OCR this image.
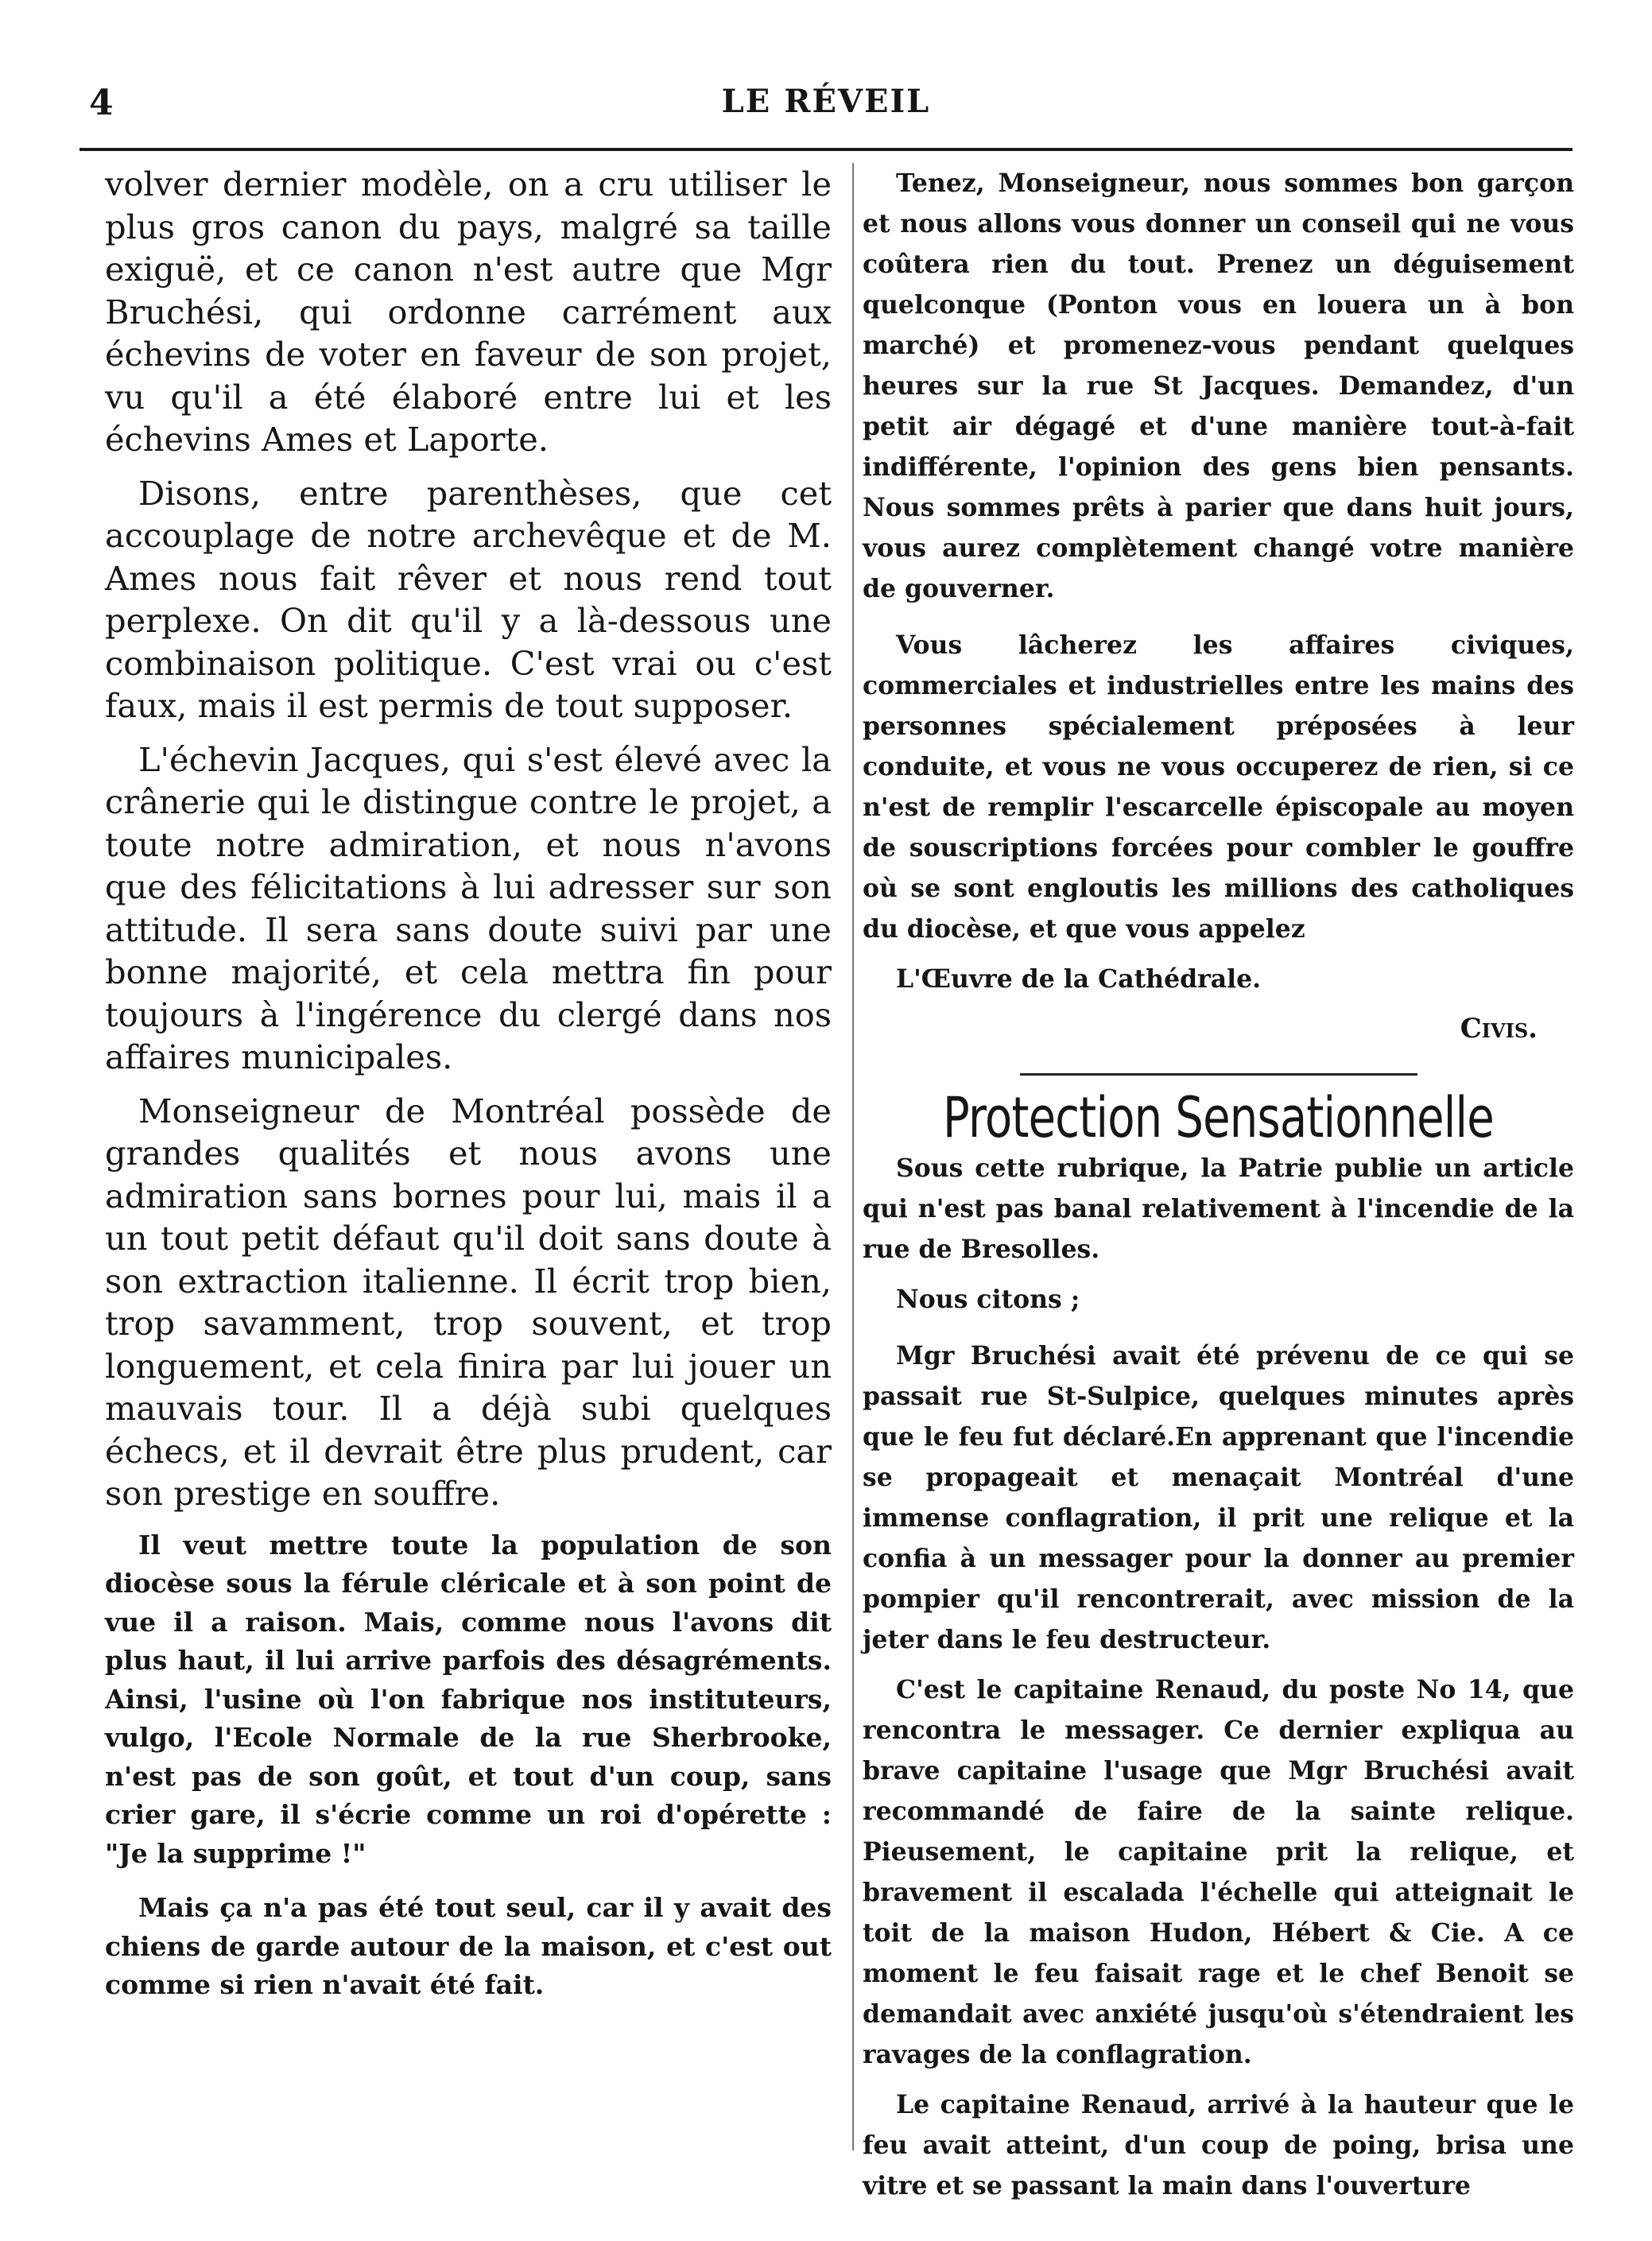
4	LE RÉVEIL

volver dernier modèle, on a cru utiliser le plus gros canon du pays, malgré sa taille exiguë, et ce canon n'est autre que Mgr Bruchési, qui ordonne carrément aux échevins de voter en faveur de son projet, vu qu'il a été élaboré entre lui et les échevins Ames et Laporte.

Disons, entre parenthèses, que cet accouplage de notre archevêque et de M. Ames nous fait rêver et nous rend tout perplexe. On dit qu'il y a là-dessous une combinaison politique. C'est vrai ou c'est faux, mais il est permis de tout supposer.

L'échevin Jacques, qui s'est élevé avec la crânerie qui le distingue contre le projet, a toute notre admiration, et nous n'avons que des félicitations à lui adresser sur son attitude. Il sera sans doute suivi par une bonne majorité, et cela mettra fin pour toujours à l'ingérence du clergé dans nos affaires municipales.

Monseigneur de Montréal possède de grandes qualités et nous avons une admiration sans bornes pour lui, mais il a un tout petit défaut qu'il doit sans doute à son extraction italienne. Il écrit trop bien, trop savamment, trop souvent, et trop longuement, et cela finira par lui jouer un mauvais tour. Il a déjà subi quelques échecs, et il devrait être plus prudent, car son prestige en souffre.

Il veut mettre toute la population de son diocèse sous la férule cléricale et à son point de vue il a raison. Mais, comme nous l'avons dit plus haut, il lui arrive parfois des désagréments. Ainsi, l'usine où l'on fabrique nos instituteurs, vulgo, l'Ecole Normale de la rue Sherbrooke, n'est pas de son goût, et tout d'un coup, sans crier gare, il s'écrie comme un roi d'opérette : "Je la supprime !"

Mais ça n'a pas été tout seul, car il y avait des chiens de garde autour de la maison, et c'est out comme si rien n'avait été fait.

Tenez, Monseigneur, nous sommes bon garçon et nous allons vous donner un conseil qui ne vous coûtera rien du tout. Prenez un déguisement quelconque (Ponton vous en louera un à bon marché) et promenez-vous pendant quelques heures sur la rue St Jacques. Demandez, d'un petit air dégagé et d'une manière tout-à-fait indifférente, l'opinion des gens bien pensants. Nous sommes prêts à parier que dans huit jours, vous aurez complètement changé votre manière de gouverner.

Vous lâcherez les affaires civiques, commerciales et industrielles entre les mains des personnes spécialement préposées à leur conduite, et vous ne vous occuperez de rien, si ce n'est de remplir l'escarcelle épiscopale au moyen de souscriptions forcées pour combler le gouffre où se sont engloutis les millions des catholiques du diocèse, et que vous appelez

L'Œuvre de la Cathédrale.

Civis.

Protection Sensationnelle

Sous cette rubrique, la Patrie publie un article qui n'est pas banal relativement à l'incendie de la rue de Bresolles.

Nous citons ;

Mgr Bruchési avait été prévenu de ce qui se passait rue St-Sulpice, quelques minutes après que le feu fut déclaré.En apprenant que l'incendie se propageait et menaçait Montréal d'une immense conflagration, il prit une relique et la confia à un messager pour la donner au premier pompier qu'il rencontrerait, avec mission de la jeter dans le feu destructeur.

C'est le capitaine Renaud, du poste No 14, que rencontra le messager. Ce dernier expliqua au brave capitaine l'usage que Mgr Bruchési avait recommandé de faire de la sainte relique. Pieusement, le capitaine prit la relique, et bravement il escalada l'échelle qui atteignait le toit de la maison Hudon, Hébert & Cie. A ce moment le feu faisait rage et le chef Benoit se demandait avec anxiété jusqu'où s'étendraient les ravages de la conflagration.

Le capitaine Renaud, arrivé à la hauteur que le feu avait atteint, d'un coup de poing, brisa une vitre et se passant la main dans l'ouverture
